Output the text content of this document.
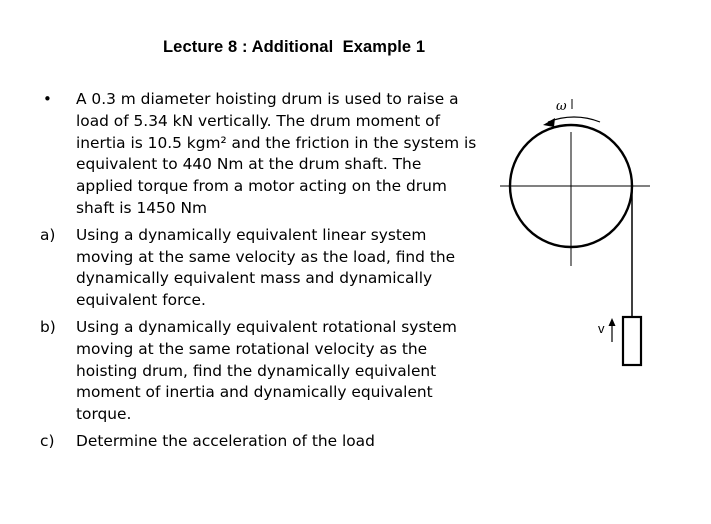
Lecture 8 : Additional  Example 1
• A 0.3 m diameter hoisting drum is used to raise a
load of 5.34 kN vertically. The drum moment of
inertia is 10.5 kgm² and the friction in the system is
equivalent to 440 Nm at the drum shaft. The
applied torque from a motor acting on the drum
shaft is 1450 Nm
a) Using a dynamically equivalent linear system
moving at the same velocity as the load, find the
dynamically equivalent mass and dynamically
equivalent force.
b) Using a dynamically equivalent rotational system
moving at the same rotational velocity as the
hoisting drum, find the dynamically equivalent
moment of inertia and dynamically equivalent
torque.
c) Determine the acceleration of the load
ω
v
